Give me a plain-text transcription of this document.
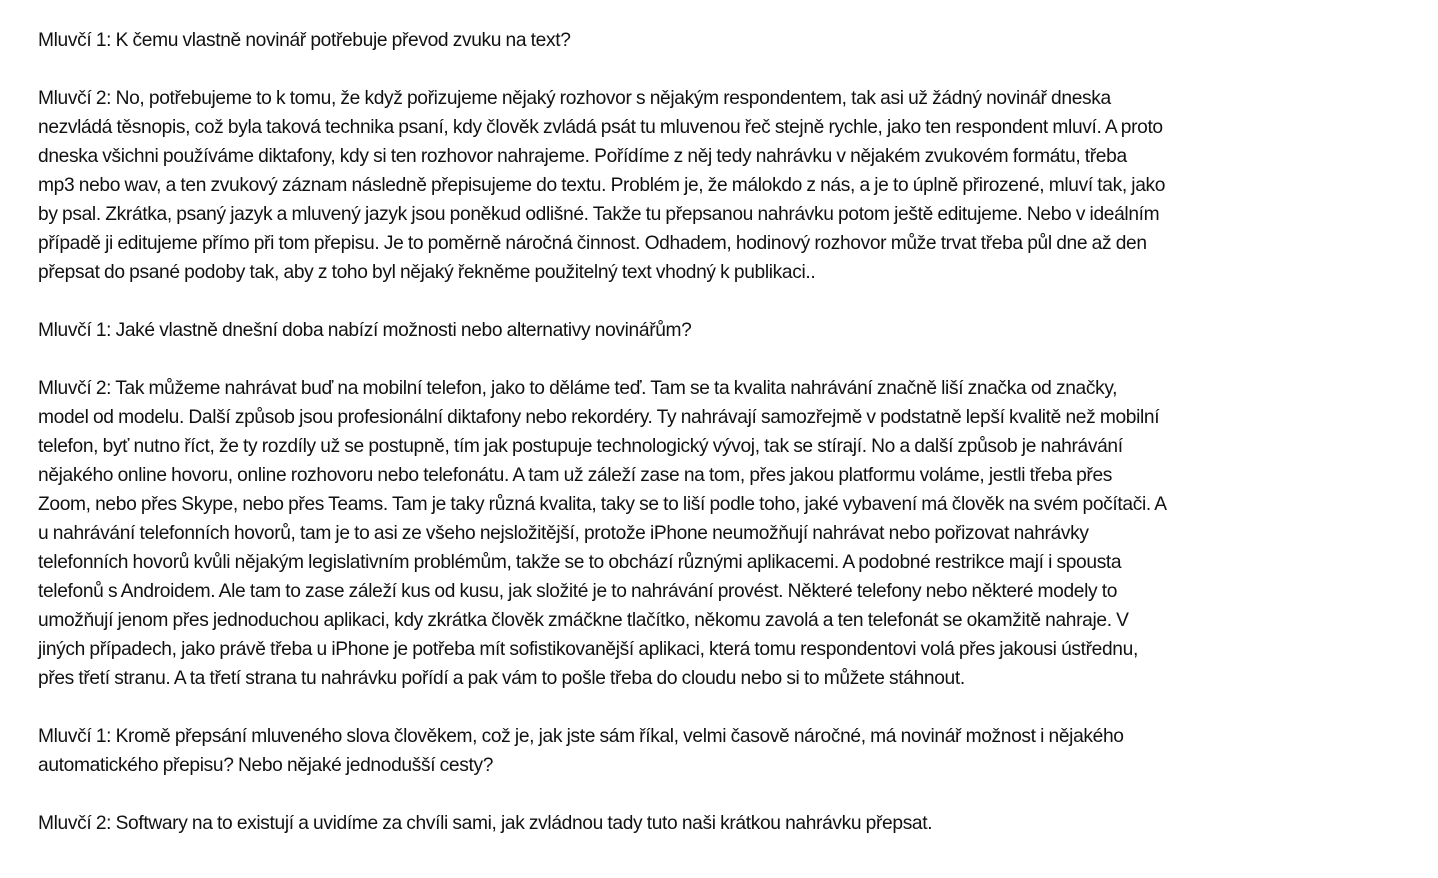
Mluvčí 1: K čemu vlastně novinář potřebuje převod zvuku na text?

Mluvčí 2: No, potřebujeme to k tomu, že když pořizujeme nějaký rozhovor s nějakým respondentem, tak asi už žádný novinář dneska
nezvládá těsnopis, což byla taková technika psaní, kdy člověk zvládá psát tu mluvenou řeč stejně rychle, jako ten respondent mluví. A proto
dneska všichni používáme diktafony, kdy si ten rozhovor nahrajeme. Pořídíme z něj tedy nahrávku v nějakém zvukovém formátu, třeba
mp3 nebo wav, a ten zvukový záznam následně přepisujeme do textu. Problém je, že málokdo z nás, a je to úplně přirozené, mluví tak, jako
by psal. Zkrátka, psaný jazyk a mluvený jazyk jsou poněkud odlišné. Takže tu přepsanou nahrávku potom ještě editujeme. Nebo v ideálním
případě ji editujeme přímo při tom přepisu. Je to poměrně náročná činnost. Odhadem, hodinový rozhovor může trvat třeba půl dne až den
přepsat do psané podoby tak, aby z toho byl nějaký řekněme použitelný text vhodný k publikaci..

Mluvčí 1: Jaké vlastně dnešní doba nabízí možnosti nebo alternativy novinářům?

Mluvčí 2: Tak můžeme nahrávat buď na mobilní telefon, jako to děláme teď. Tam se ta kvalita nahrávání značně liší značka od značky,
model od modelu. Další způsob jsou profesionální diktafony nebo rekordéry. Ty nahrávají samozřejmě v podstatně lepší kvalitě než mobilní
telefon, byť nutno říct, že ty rozdíly už se postupně, tím jak postupuje technologický vývoj, tak se stírají. No a další způsob je nahrávání
nějakého online hovoru, online rozhovoru nebo telefonátu. A tam už záleží zase na tom, přes jakou platformu voláme, jestli třeba přes
Zoom, nebo přes Skype, nebo přes Teams. Tam je taky různá kvalita, taky se to liší podle toho, jaké vybavení má člověk na svém počítači. A
u nahrávání telefonních hovorů, tam je to asi ze všeho nejsložitější, protože iPhone neumožňují nahrávat nebo pořizovat nahrávky
telefonních hovorů kvůli nějakým legislativním problémům, takže se to obchází různými aplikacemi. A podobné restrikce mají i spousta
telefonů s Androidem. Ale tam to zase záleží kus od kusu, jak složité je to nahrávání provést. Některé telefony nebo některé modely to
umožňují jenom přes jednoduchou aplikaci, kdy zkrátka člověk zmáčkne tlačítko, někomu zavolá a ten telefonát se okamžitě nahraje. V
jiných případech, jako právě třeba u iPhone je potřeba mít sofistikovanější aplikaci, která tomu respondentovi volá přes jakousi ústřednu,
přes třetí stranu. A ta třetí strana tu nahrávku pořídí a pak vám to pošle třeba do cloudu nebo si to můžete stáhnout.

Mluvčí 1: Kromě přepsání mluveného slova člověkem, což je, jak jste sám říkal, velmi časově náročné, má novinář možnost i nějakého
automatického přepisu? Nebo nějaké jednodušší cesty?

Mluvčí 2: Softwary na to existují a uvidíme za chvíli sami, jak zvládnou tady tuto naši krátkou nahrávku přepsat.
